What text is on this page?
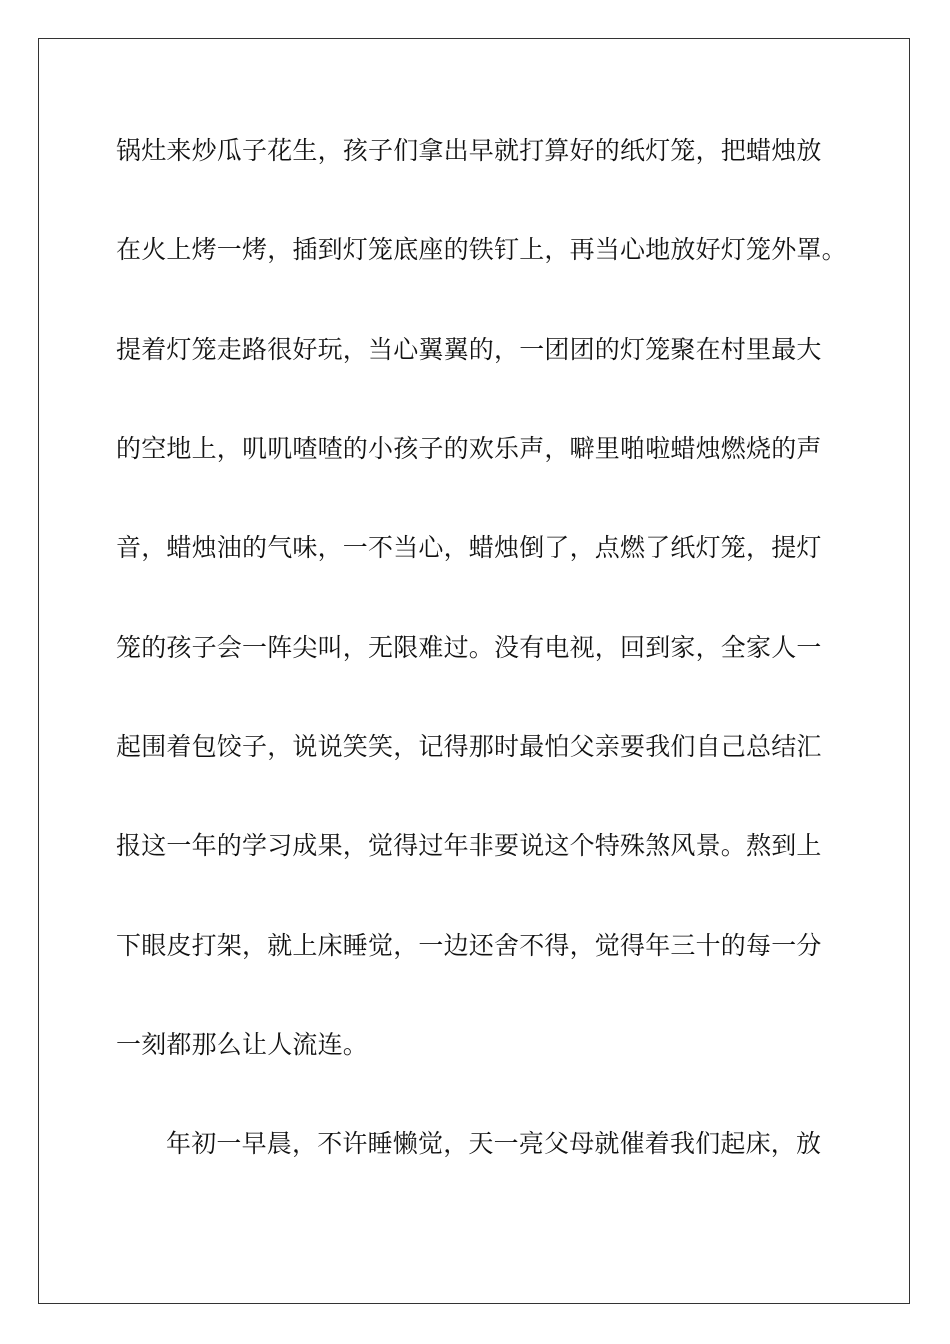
锅灶来炒瓜子花生，孩子们拿出早就打算好的纸灯笼，把蜡烛放
在火上烤一烤，插到灯笼底座的铁钉上，再当心地放好灯笼外罩。
提着灯笼走路很好玩，当心翼翼的，一团团的灯笼聚在村里最大
的空地上，叽叽喳喳的小孩子的欢乐声，噼里啪啦蜡烛燃烧的声
音，蜡烛油的气味，一不当心，蜡烛倒了，点燃了纸灯笼，提灯
笼的孩子会一阵尖叫，无限难过。没有电视，回到家，全家人一
起围着包饺子，说说笑笑，记得那时最怕父亲要我们自己总结汇
报这一年的学习成果，觉得过年非要说这个特殊煞风景。熬到上
下眼皮打架，就上床睡觉，一边还舍不得，觉得年三十的每一分
一刻都那么让人流连。
年初一早晨，不许睡懒觉，天一亮父母就催着我们起床，放
